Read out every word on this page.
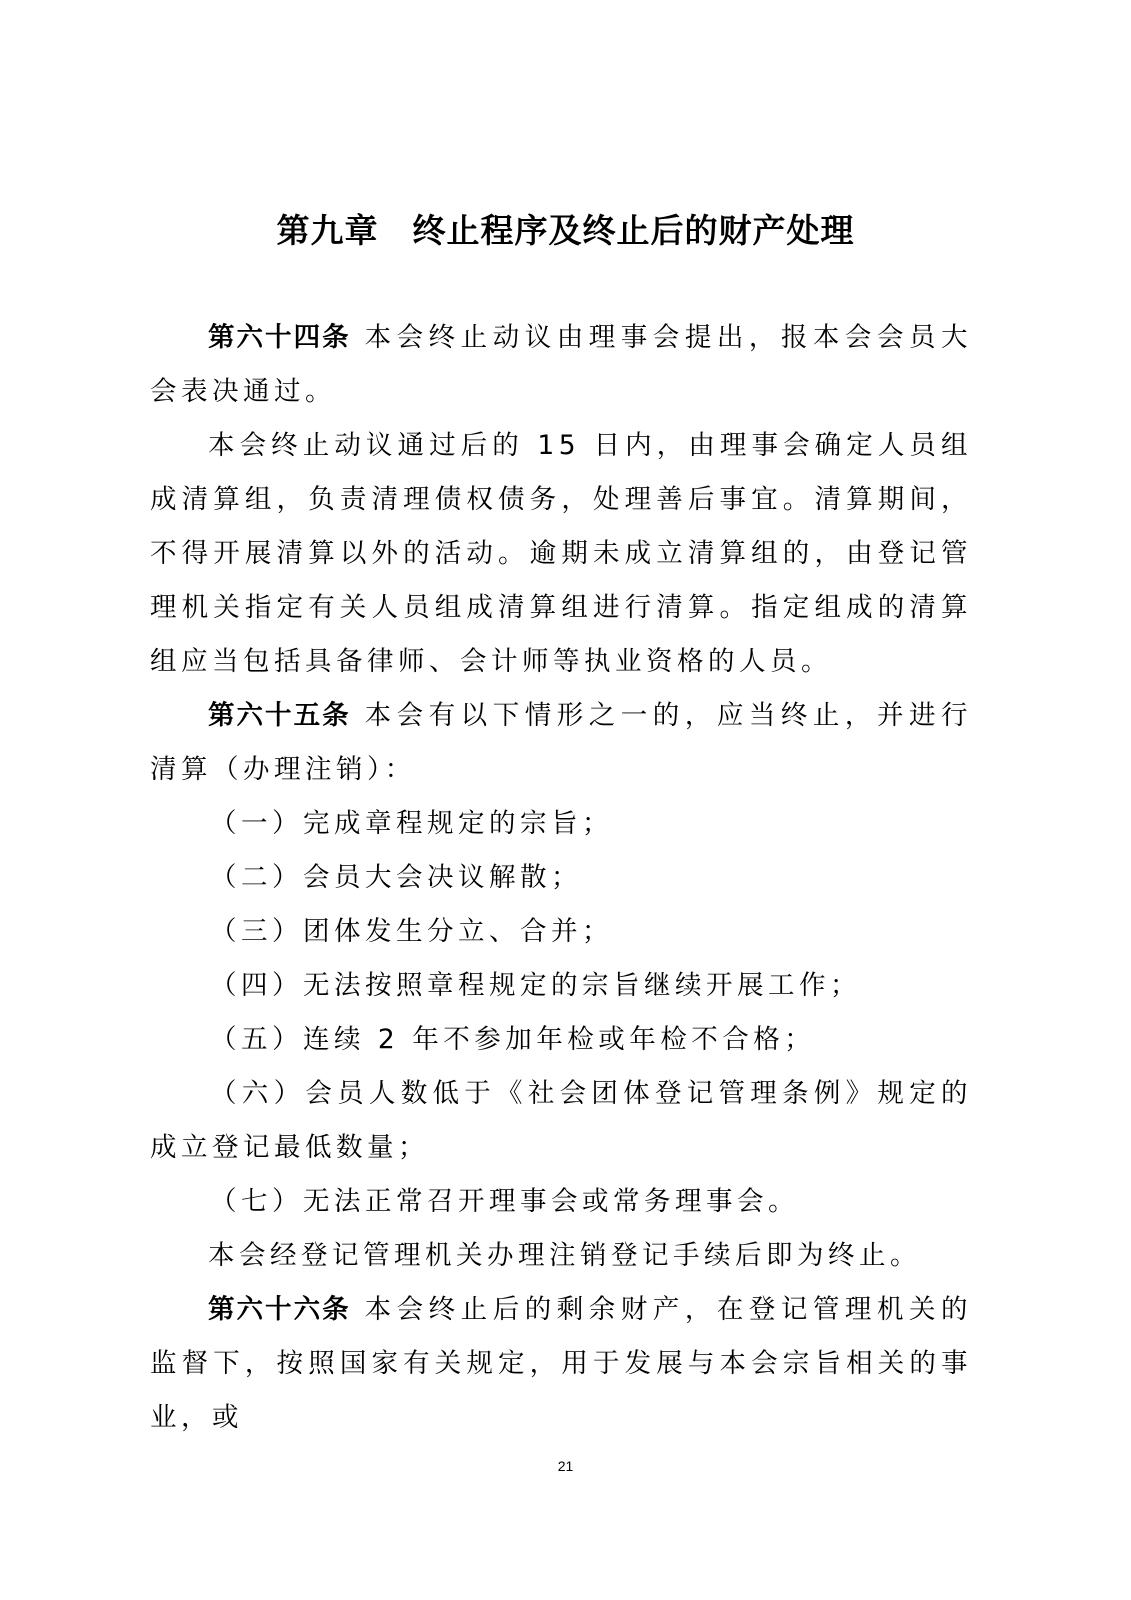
第九章　终止程序及终止后的财产处理

第六十四条 本会终止动议由理事会提出，报本会会员大会表决通过。

本会终止动议通过后的 15 日内，由理事会确定人员组成清算组，负责清理债权债务，处理善后事宜。清算期间，不得开展清算以外的活动。逾期未成立清算组的，由登记管理机关指定有关人员组成清算组进行清算。指定组成的清算组应当包括具备律师、会计师等执业资格的人员。

第六十五条 本会有以下情形之一的，应当终止，并进行清算（办理注销）：

（一）完成章程规定的宗旨；

（二）会员大会决议解散；

（三）团体发生分立、合并；

（四）无法按照章程规定的宗旨继续开展工作；

（五）连续 2 年不参加年检或年检不合格；

（六）会员人数低于《社会团体登记管理条例》规定的成立登记最低数量；

（七）无法正常召开理事会或常务理事会。

本会经登记管理机关办理注销登记手续后即为终止。

第六十六条 本会终止后的剩余财产，在登记管理机关的监督下，按照国家有关规定，用于发展与本会宗旨相关的事业，或

21
